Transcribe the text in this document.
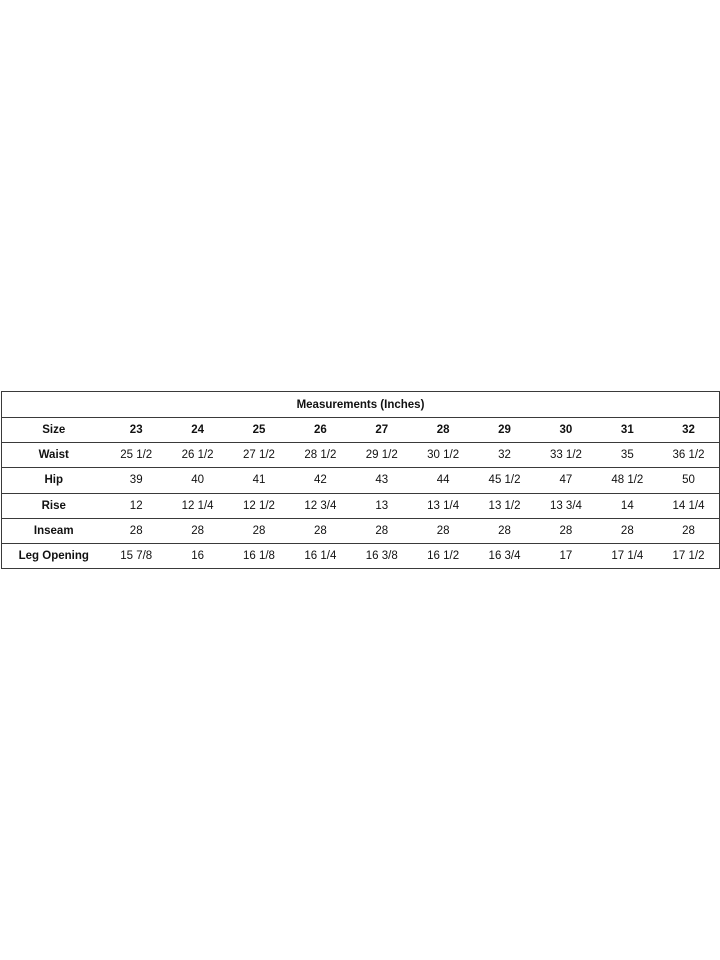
Measurements (Inches)										
Size	23	24	25	26	27	28	29	30	31	32
Waist	25 1/2	26 1/2	27 1/2	28 1/2	29 1/2	30 1/2	32	33 1/2	35	36 1/2
Hip	39	40	41	42	43	44	45 1/2	47	48 1/2	50
Rise	12	12 1/4	12 1/2	12 3/4	13	13 1/4	13 1/2	13 3/4	14	14 1/4
Inseam	28	28	28	28	28	28	28	28	28	28
Leg Opening	15 7/8	16	16 1/8	16 1/4	16 3/8	16 1/2	16 3/4	17	17 1/4	17 1/2
